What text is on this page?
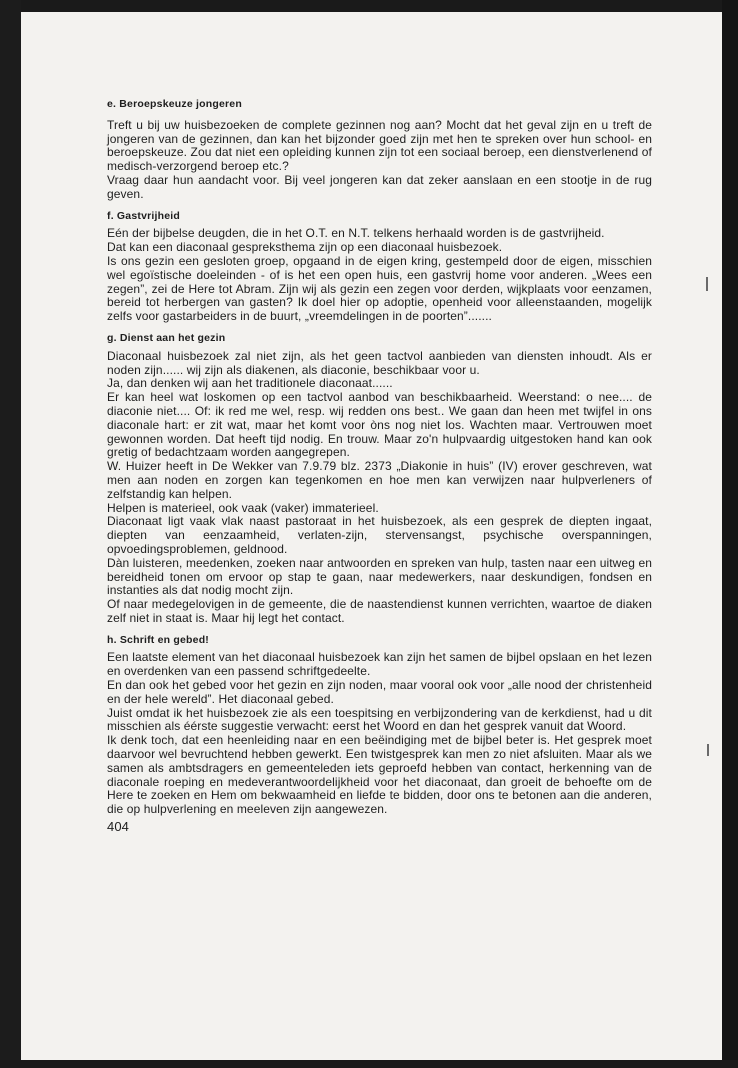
e. Beroepskeuze jongeren

Treft u bij uw huisbezoeken de complete gezinnen nog aan? Mocht dat het geval zijn en u treft de jongeren van de gezinnen, dan kan het bijzonder goed zijn met hen te spreken over hun school- en beroepskeuze. Zou dat niet een opleiding kunnen zijn tot een sociaal beroep, een dienstverlenend of medisch-verzorgend beroep etc.?

Vraag daar hun aandacht voor. Bij veel jongeren kan dat zeker aanslaan en een stootje in de rug geven.

f. Gastvrijheid

Eén der bijbelse deugden, die in het O.T. en N.T. telkens herhaald worden is de gastvrijheid.

Dat kan een diaconaal gespreksthema zijn op een diaconaal huisbezoek.

Is ons gezin een gesloten groep, opgaand in de eigen kring, gestempeld door de eigen, misschien wel egoïstische doeleinden - of is het een open huis, een gastvrij home voor anderen. „Wees een zegen”, zei de Here tot Abram. Zijn wij als gezin een zegen voor derden, wijkplaats voor eenzamen, bereid tot herbergen van gasten? Ik doel hier op adoptie, openheid voor alleenstaanden, mogelijk zelfs voor gastarbeiders in de buurt, „vreemdelingen in de poorten”.......

g. Dienst aan het gezin

Diaconaal huisbezoek zal niet zijn, als het geen tactvol aanbieden van diensten inhoudt. Als er noden zijn...... wij zijn als diakenen, als diaconie, beschikbaar voor u.

Ja, dan denken wij aan het traditionele diaconaat......

Er kan heel wat loskomen op een tactvol aanbod van beschikbaarheid. Weerstand: o nee.... de diaconie niet.... Of: ik red me wel, resp. wij redden ons best.. We gaan dan heen met twijfel in ons diaconale hart: er zit wat, maar het komt voor òns nog niet los. Wachten maar. Vertrouwen moet gewonnen worden. Dat heeft tijd nodig. En trouw. Maar zo'n hulpvaardig uitgestoken hand kan ook gretig of bedachtzaam worden aangegrepen.

W. Huizer heeft in De Wekker van 7.9.79 blz. 2373 „Diakonie in huis” (IV) erover geschreven, wat men aan noden en zorgen kan tegenkomen en hoe men kan verwijzen naar hulpverleners of zelfstandig kan helpen.

Helpen is materieel, ook vaak (vaker) immaterieel.

Diaconaat ligt vaak vlak naast pastoraat in het huisbezoek, als een gesprek de diepten ingaat, diepten van eenzaamheid, verlaten-zijn, stervensangst, psychische overspanningen, opvoedingsproblemen, geldnood.

Dàn luisteren, meedenken, zoeken naar antwoorden en spreken van hulp, tasten naar een uitweg en bereidheid tonen om ervoor op stap te gaan, naar medewerkers, naar deskundigen, fondsen en instanties als dat nodig mocht zijn.

Of naar medegelovigen in de gemeente, die de naastendienst kunnen verrichten, waartoe de diaken zelf niet in staat is. Maar hij legt het contact.

h. Schrift en gebed!

Een laatste element van het diaconaal huisbezoek kan zijn het samen de bijbel opslaan en het lezen en overdenken van een passend schriftgedeelte.

En dan ook het gebed voor het gezin en zijn noden, maar vooral ook voor „alle nood der christenheid en der hele wereld”. Het diaconaal gebed.

Juist omdat ik het huisbezoek zie als een toespitsing en verbijzondering van de kerkdienst, had u dit misschien als éérste suggestie verwacht: eerst het Woord en dan het gesprek vanuit dat Woord.

Ik denk toch, dat een heenleiding naar en een beëindiging met de bijbel beter is. Het gesprek moet daarvoor wel bevruchtend hebben gewerkt. Een twistgesprek kan men zo niet afsluiten. Maar als we samen als ambtsdragers en gemeenteleden iets geproefd hebben van contact, herkenning van de diaconale roeping en medeverantwoordelijkheid voor het diaconaat, dan groeit de behoefte om de Here te zoeken en Hem om bekwaamheid en liefde te bidden, door ons te betonen aan die anderen, die op hulpverlening en meeleven zijn aangewezen.

404
